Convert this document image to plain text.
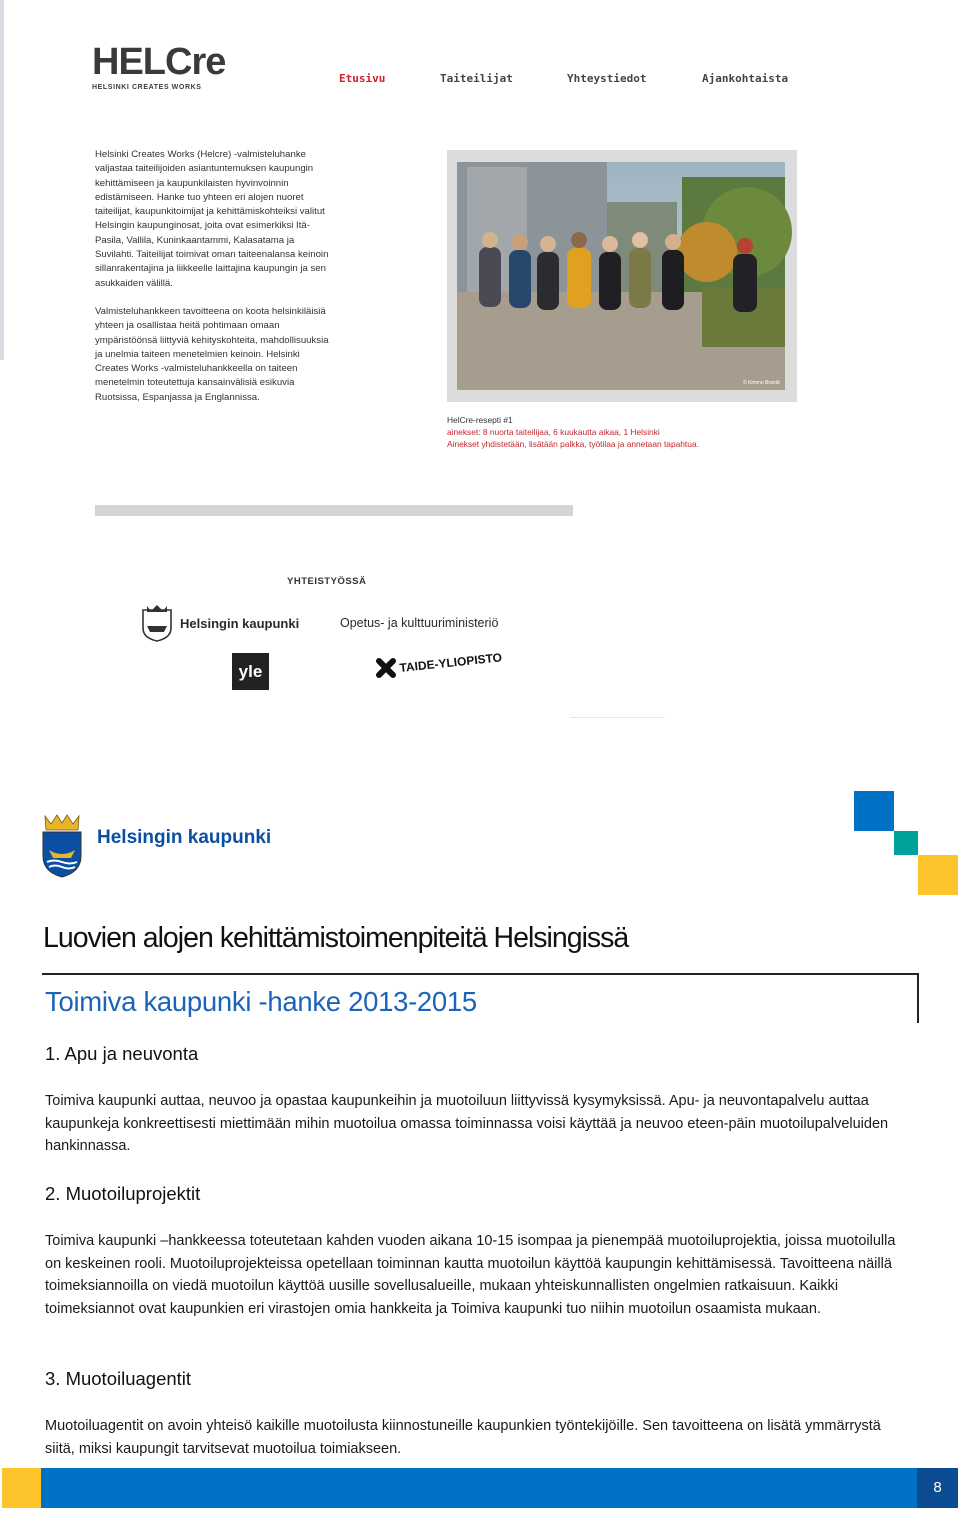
HELCre
HELSINKI CREATES WORKS
Etusivu	Taiteilijat	Yhteystiedot	Ajankohtaista

Helsinki Creates Works (Helcre) -valmisteluhanke valjastaa taiteilijoiden asiantuntemuksen kaupungin kehittämiseen ja kaupunkilaisten hyvinvoinnin edistämiseen. Hanke tuo yhteen eri alojen nuoret taiteilijat, kaupunkitoimijat ja kehittämiskohteiksi valitut Helsingin kaupunginosat, joita ovat esimerkiksi Itä-Pasila, Vallila, Kuninkaantammi, Kalasatama ja Suvilahti. Taiteilijat toimivat oman taiteenalansa keinoin sillanrakentajina ja liikkeelle laittajina kaupungin ja sen asukkaiden välillä.

Valmisteluhankkeen tavoitteena on koota helsinkiläisiä yhteen ja osallistaa heitä pohtimaan omaan ympäristöönsä liittyviä kehityskohteita, mahdollisuuksia ja unelmia taiteen menetelmien keinoin. Helsinki Creates Works -valmisteluhankkeella on taiteen menetelmin toteutettuja kansainvälisiä esikuvia Ruotsissa, Espanjassa ja Englannissa.

© Kimmo Brandt
HelCre-resepti #1
ainekset: 8 nuorta taiteilijaa, 6 kuukautta aikaa, 1 Helsinki
Ainekset yhdistetään, lisätään palkka, työtilaa ja annetaan tapahtua.
YHTEISTYÖSSÄ
Helsingin kaupunki	Opetus- ja kulttuuriministeriö
yle	TAIDE-YLIOPISTO
Helsingin kaupunki
Luovien alojen kehittämistoimenpiteitä Helsingissä
Toimiva kaupunki -hanke 2013-2015
1. Apu ja neuvonta
Toimiva kaupunki auttaa, neuvoo ja opastaa kaupunkeihin ja muotoiluun liittyvissä kysymyksissä. Apu- ja neuvontapalvelu auttaa kaupunkeja konkreettisesti miettimään mihin muotoilua omassa toiminnassa voisi käyttää ja neuvoo eteen-päin muotoilupalveluiden hankinnassa.
2. Muotoiluprojektit
Toimiva kaupunki –hankkeessa toteutetaan kahden vuoden aikana 10-15 isompaa ja pienempää muotoiluprojektia, joissa muotoilulla on keskeinen rooli. Muotoiluprojekteissa opetellaan toiminnan kautta muotoilun käyttöä kaupungin kehittämisessä. Tavoitteena näillä toimeksiannoilla on viedä muotoilun käyttöä uusille sovellusalueille, mukaan yhteiskunnallisten ongelmien ratkaisuun. Kaikki toimeksiannot ovat kaupunkien eri virastojen omia hankkeita ja Toimiva kaupunki tuo niihin muotoilun osaamista mukaan.
3. Muotoiluagentit
Muotoiluagentit on avoin yhteisö kaikille muotoilusta kiinnostuneille kaupunkien työntekijöille. Sen tavoitteena on lisätä ymmärrystä siitä, miksi kaupungit tarvitsevat muotoilua toimiakseen.
8
